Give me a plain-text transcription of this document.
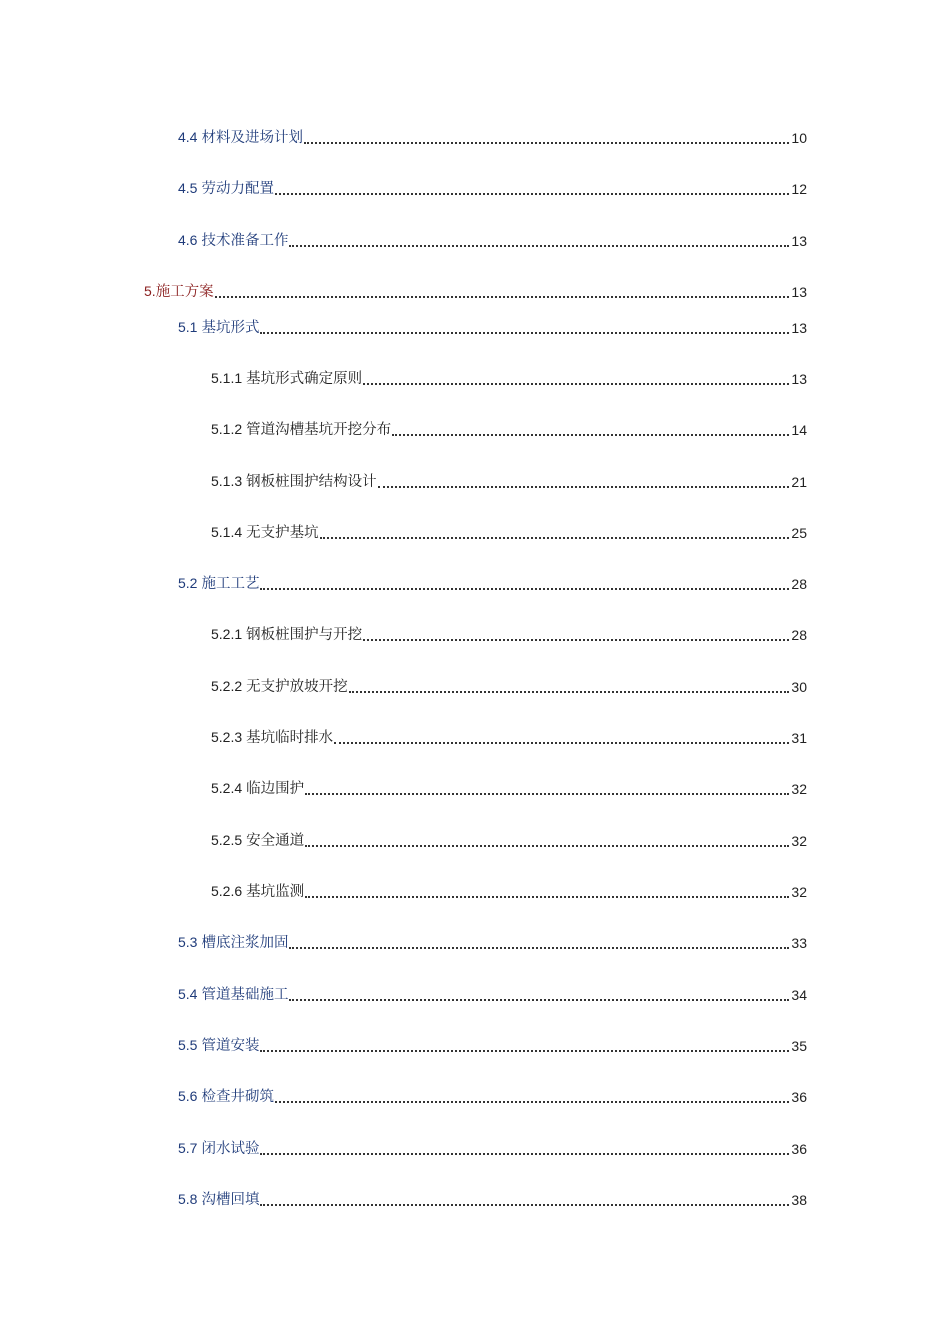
4.4 材料及进场计划	10
4.5 劳动力配置	12
4.6 技术准备工作	13
5.施工方案	13
5.1 基坑形式	13
5.1.1 基坑形式确定原则	13
5.1.2 管道沟槽基坑开挖分布	14
5.1.3 钢板桩围护结构设计	21
5.1.4 无支护基坑	25
5.2 施工工艺	28
5.2.1 钢板桩围护与开挖	28
5.2.2 无支护放坡开挖	30
5.2.3 基坑临时排水	31
5.2.4 临边围护	32
5.2.5 安全通道	32
5.2.6 基坑监测	32
5.3 槽底注浆加固	33
5.4 管道基础施工	34
5.5 管道安装	35
5.6 检查井砌筑	36
5.7 闭水试验	36
5.8 沟槽回填	38
